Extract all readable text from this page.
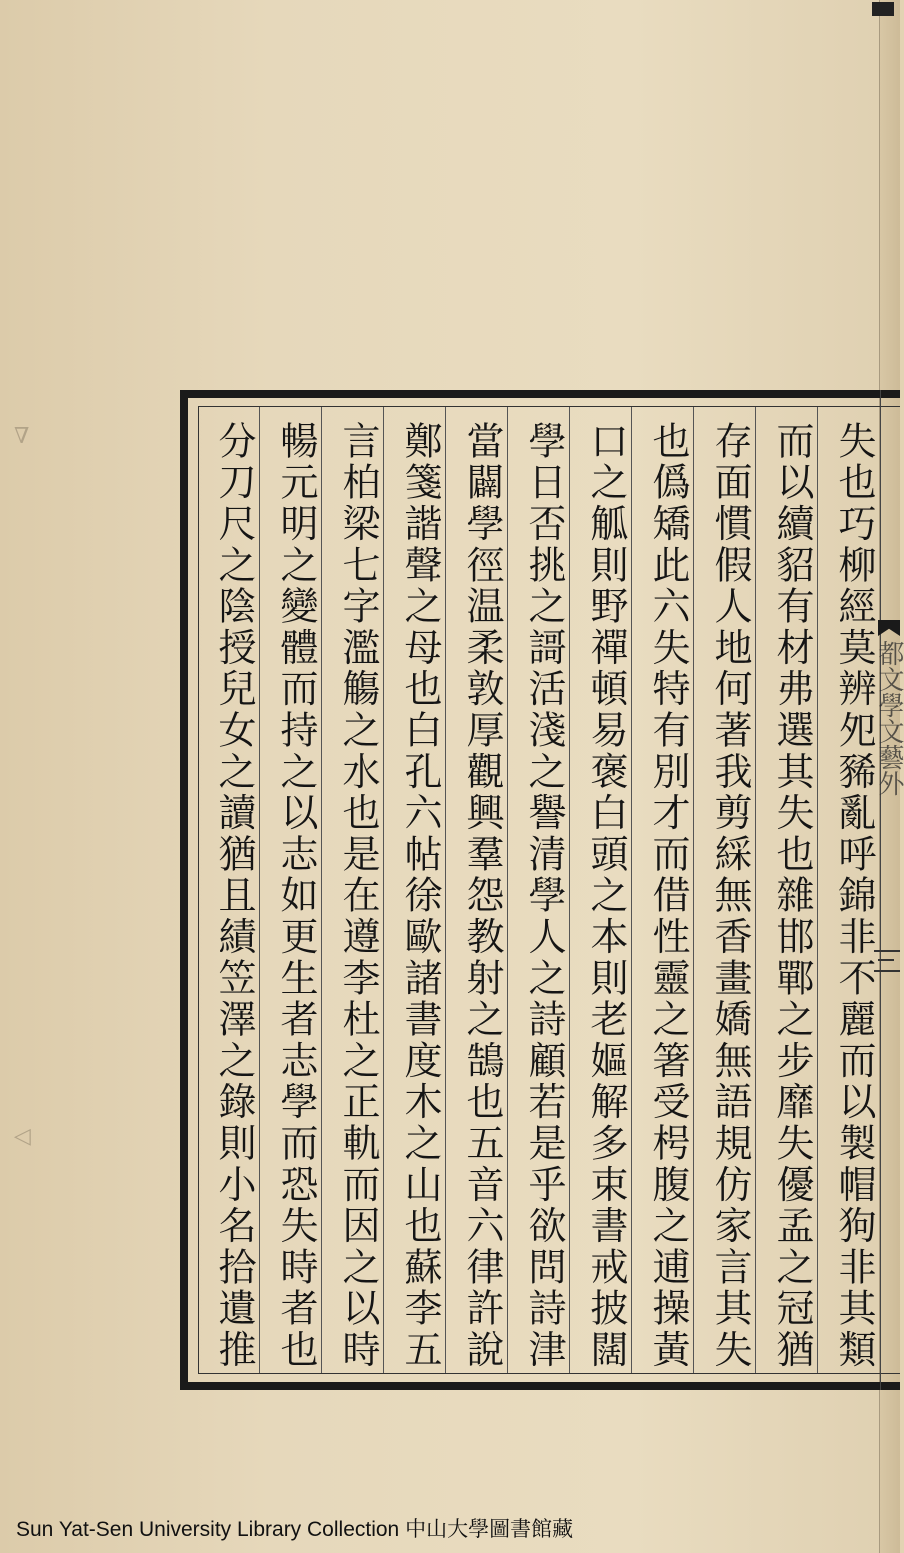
∇
◁	失也巧柳經莫辨夗豨亂呼錦非不麗而以製帽狗非其類
而以續貂有材弗選其失也雜邯鄲之步靡失優孟之冠猶
存面慣假人地何著我剪綵無香畫嬌無語規仿家言其失
也僞矯此六失特有別才而借性靈之箸受枵腹之逋操黃
口之觚則野禪頓易褒白頭之本則老嫗解多束書戒披闊
學日否挑之謌活淺之譽清學人之詩顧若是乎欲問詩津
當闢學徑温柔敦厚觀興羣怨教射之鵠也五音六律許說
鄭箋諧聲之母也白孔六帖徐歐諸書度木之山也蘇李五
言柏梁七字濫觴之水也是在遵李杜之正軌而因之以時
暢元明之變體而持之以志如更生者志學而恐失時者也
分刀尺之陰授兒女之讀猶且績笠澤之錄則小名拾遺推	都文學文藝外
Sun Yat-Sen University Library Collection 中山大學圖書館藏
